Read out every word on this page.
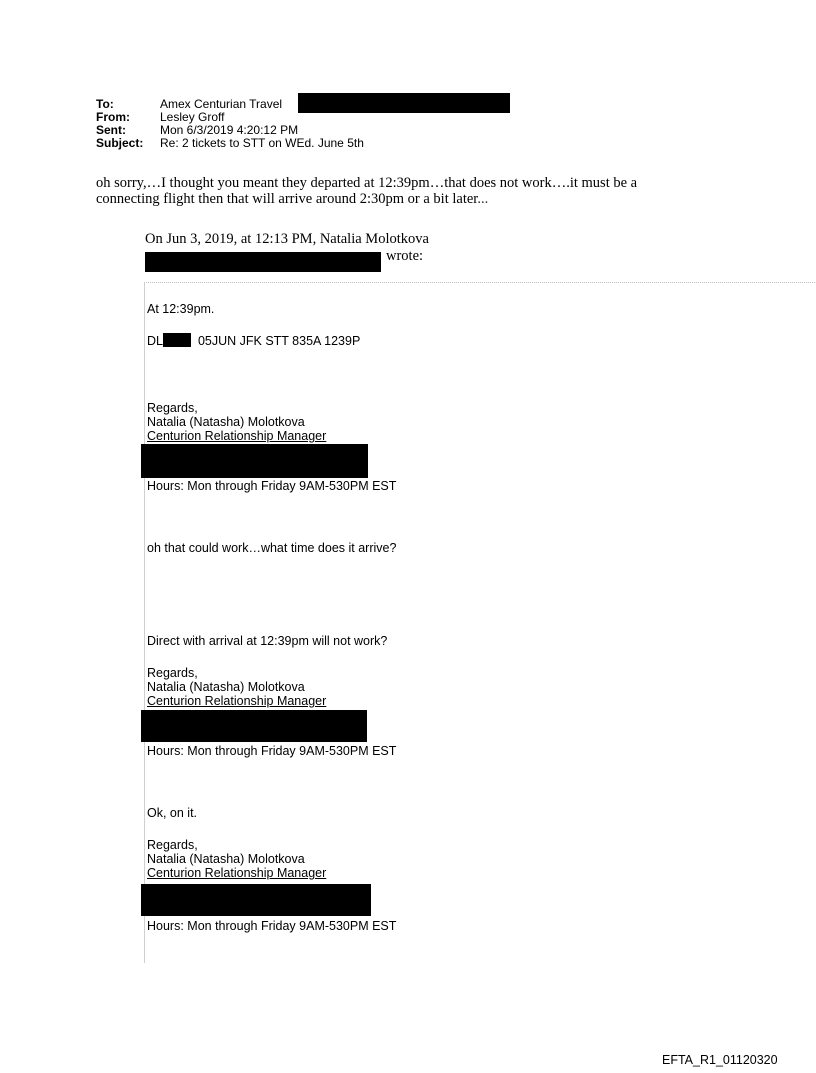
To:	Amex Centurian Travel
From:	Lesley Groff
Sent:	Mon 6/3/2019 4:20:12 PM
Subject: Re: 2 tickets to STT on WEd. June 5th
oh sorry,…I thought you meant they departed at 12:39pm…that does not work….it must be a
connecting flight then that will arrive around 2:30pm or a bit later...
On Jun 3, 2019, at 12:13 PM, Natalia Molotkova
wrote:
At 12:39pm.
DL	05JUN JFK STT 835A 1239P
Regards,
Natalia (Natasha) Molotkova
Centurion Relationship Manager
Hours: Mon through Friday 9AM-530PM EST
oh that could work…what time does it arrive?
Direct with arrival at 12:39pm will not work?
Regards,
Natalia (Natasha) Molotkova
Centurion Relationship Manager
Hours: Mon through Friday 9AM-530PM EST
Ok, on it.
Regards,
Natalia (Natasha) Molotkova
Centurion Relationship Manager
Hours: Mon through Friday 9AM-530PM EST
EFTA_R1_01120320
